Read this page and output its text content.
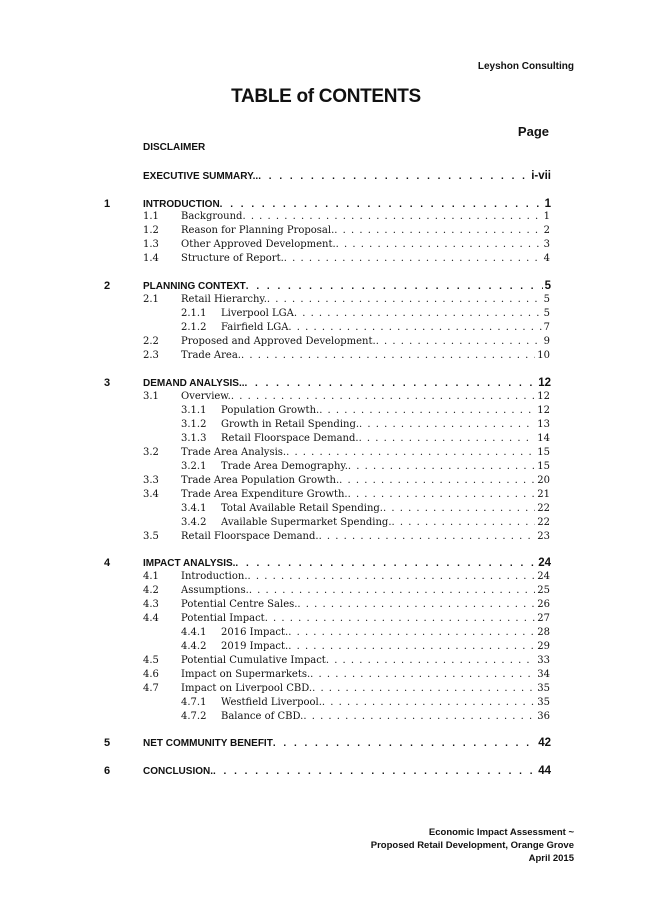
Leyshon Consulting
TABLE of CONTENTS
Page
DISCLAIMER
EXECUTIVE SUMMARY.. . . .	i-vii
1	INTRODUCTION . . .	1
1.1 Background . . .	1
1.2 Reason for Planning Proposal. . . .	2
1.3 Other Approved Development. . . .	3
1.4 Structure of Report. . . .	4
2	PLANNING CONTEXT . . .	5
2.1 Retail Hierarchy. . . .	5
2.1.1 Liverpool LGA . . .	5
2.1.2 Fairfield LGA . . .	7
2.2 Proposed and Approved Development. . . .	9
2.3 Trade Area. . . .	10
3	DEMAND ANALYSIS.. . . .	12
3.1 Overview. . . .	12
3.1.1 Population Growth. . . .	12
3.1.2 Growth in Retail Spending. . . .	13
3.1.3 Retail Floorspace Demand. . . .	14
3.2 Trade Area Analysis. . . .	15
3.2.1 Trade Area Demography. . . .	15
3.3 Trade Area Population Growth. . . .	20
3.4 Trade Area Expenditure Growth. . . .	21
3.4.1 Total Available Retail Spending. . . .	22
3.4.2 Available Supermarket Spending. . . .	22
3.5 Retail Floorspace Demand. . . .	23
4	IMPACT ANALYSIS. . . .	24
4.1 Introduction. . . .	24
4.2 Assumptions. . . .	25
4.3 Potential Centre Sales. . . .	26
4.4 Potential Impact . . .	27
4.4.1 2016 Impact. . . .	28
4.4.2 2019 Impact. . . .	29
4.5 Potential Cumulative Impact . . .	33
4.6 Impact on Supermarkets. . . .	34
4.7 Impact on Liverpool CBD. . . .	35
4.7.1 Westfield Liverpool. . . .	35
4.7.2 Balance of CBD. . . .	36
5	NET COMMUNITY BENEFIT . . .	42
6	CONCLUSION. . . .	44
Economic Impact Assessment ~
Proposed Retail Development, Orange Grove
April 2015
